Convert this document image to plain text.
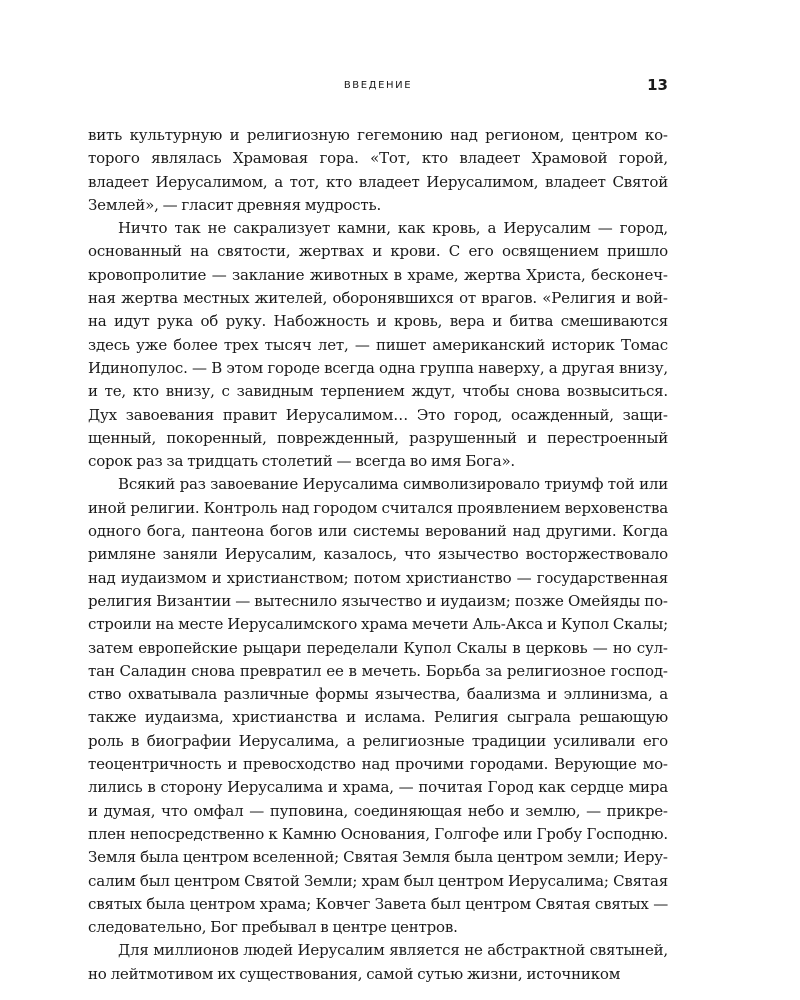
ВВЕДЕНИЕ	13

вить культурную и религиозную гегемонию над регионом, центром которого являлась Храмовая гора. «Тот, кто владеет Храмовой горой, владеет Иерусалимом, а тот, кто владеет Иерусалимом, владеет Святой Землей», — гласит древняя мудрость.

Ничто так не сакрализует камни, как кровь, а Иерусалим — город, основанный на святости, жертвах и крови. С его освящением пришло кровопролитие — заклание животных в храме, жертва Христа, бесконечная жертва местных жителей, оборонявшихся от врагов. «Религия и война идут рука об руку. Набожность и кровь, вера и битва смешиваются здесь уже более трех тысяч лет, — пишет американский историк Томас Идинопулос. — В этом городе всегда одна группа наверху, а другая внизу, и те, кто внизу, с завидным терпением ждут, чтобы снова возвыситься. Дух завоевания правит Иерусалимом… Это город, осажденный, защищенный, покоренный, поврежденный, разрушенный и перестроенный сорок раз за тридцать столетий — всегда во имя Бога».

Всякий раз завоевание Иерусалима символизировало триумф той или иной религии. Контроль над городом считался проявлением верховенства одного бога, пантеона богов или системы верований над другими. Когда римляне заняли Иерусалим, казалось, что язычество восторжествовало над иудаизмом и христианством; потом христианство — государственная религия Византии — вытеснило язычество и иудаизм; позже Омейяды построили на месте Иерусалимского храма мечети Аль-Акса и Купол Скалы; затем европейские рыцари переделали Купол Скалы в церковь — но султан Саладин снова превратил ее в мечеть. Борьба за религиозное господство охватывала различные формы язычества, баализма и эллинизма, а также иудаизма, христианства и ислама. Религия сыграла решающую роль в биографии Иерусалима, а религиозные традиции усиливали его теоцентричность и превосходство над прочими городами. Верующие молились в сторону Иерусалима и храма, — почитая Город как сердце мира и думая, что омфал — пуповина, соединяющая небо и землю, — прикреплен непосредственно к Камню Основания, Голгофе или Гробу Господню. Земля была центром вселенной; Святая Земля была центром земли; Иерусалим был центром Святой Земли; храм был центром Иерусалима; Святая святых была центром храма; Ковчег Завета был центром Святая святых — следовательно, Бог пребывал в центре центров.

Для миллионов людей Иерусалим является не абстрактной святыней, но лейтмотивом их существования, самой сутью жизни, источником
